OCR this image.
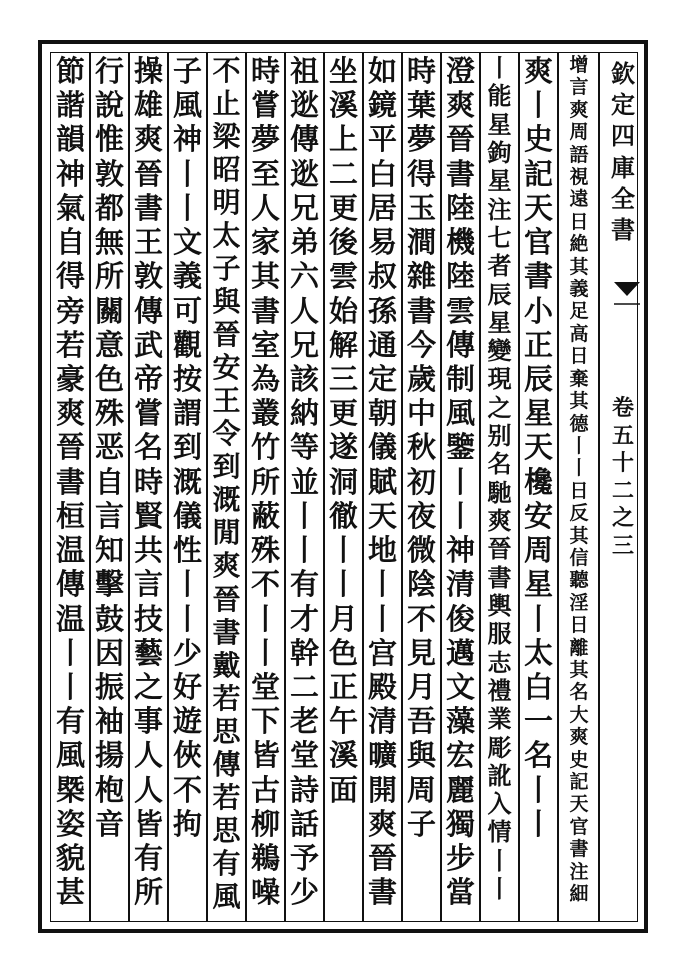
欽
定
四
庫
全
書
卷
五
十
二
之
三
增
言
爽
周
語
視
遠
日
絶
其
義
足
高
日
棄
其
德
丨
丨
日
反
其
信
聽
淫
日
離
其
名
大
爽
史
記
天
官
書
注
細
爽
丨
史
記
天
官
書
小
正
辰
星
天
欃
安
周
星
丨
太
白
一
名
丨
丨
丨
能
星
鉤
星
注
七
者
辰
星
變
現
之
别
名
馳
爽
晉
書
輿
服
志
禮
業
彫
訛
入
情
丨
丨
澄
爽
晉
書
陸
機
陸
雲
傳
制
風
鑒
丨
丨
神
清
俊
邁
文
藻
宏
麗
獨
步
當
時
葉
夢
得
玉
澗
雜
書
今
歲
中
秋
初
夜
微
陰
不
見
月
吾
與
周
子
如
鏡
平
白
居
易
叔
孫
通
定
朝
儀
賦
天
地
丨
丨
宫
殿
清
曠
開
爽
晉
書
坐
溪
上
二
更
後
雲
始
解
三
更
遂
洞
徹
丨
丨
月
色
正
午
溪
面
祖
逖
傳
逖
兄
弟
六
人
兄
該
納
等
並
丨
丨
有
才
幹
二
老
堂
詩
話
予
少
時
嘗
夢
至
人
家
其
書
室
為
叢
竹
所
蔽
殊
不
丨
丨
堂
下
皆
古
柳
鵜
噪
不
止
梁
昭
明
太
子
與
晉
安
王
令
到
溉
閒
爽
晉
書
戴
若
思
傳
若
思
有
風
子
風
神
丨
丨
文
義
可
觀
按
謂
到
溉
儀
性
丨
丨
少
好
遊
俠
不
拘
操
雄
爽
晉
書
王
敦
傳
武
帝
嘗
名
時
賢
共
言
技
藝
之
事
人
人
皆
有
所
行
說
惟
敦
都
無
所
關
意
色
殊
恶
自
言
知
擊
鼓
因
振
袖
揚
枹
音
節
諧
韻
神
氣
自
得
旁
若
豪
爽
晉
書
桓
温
傳
温
丨
丨
有
風
槩
姿
貌
甚
